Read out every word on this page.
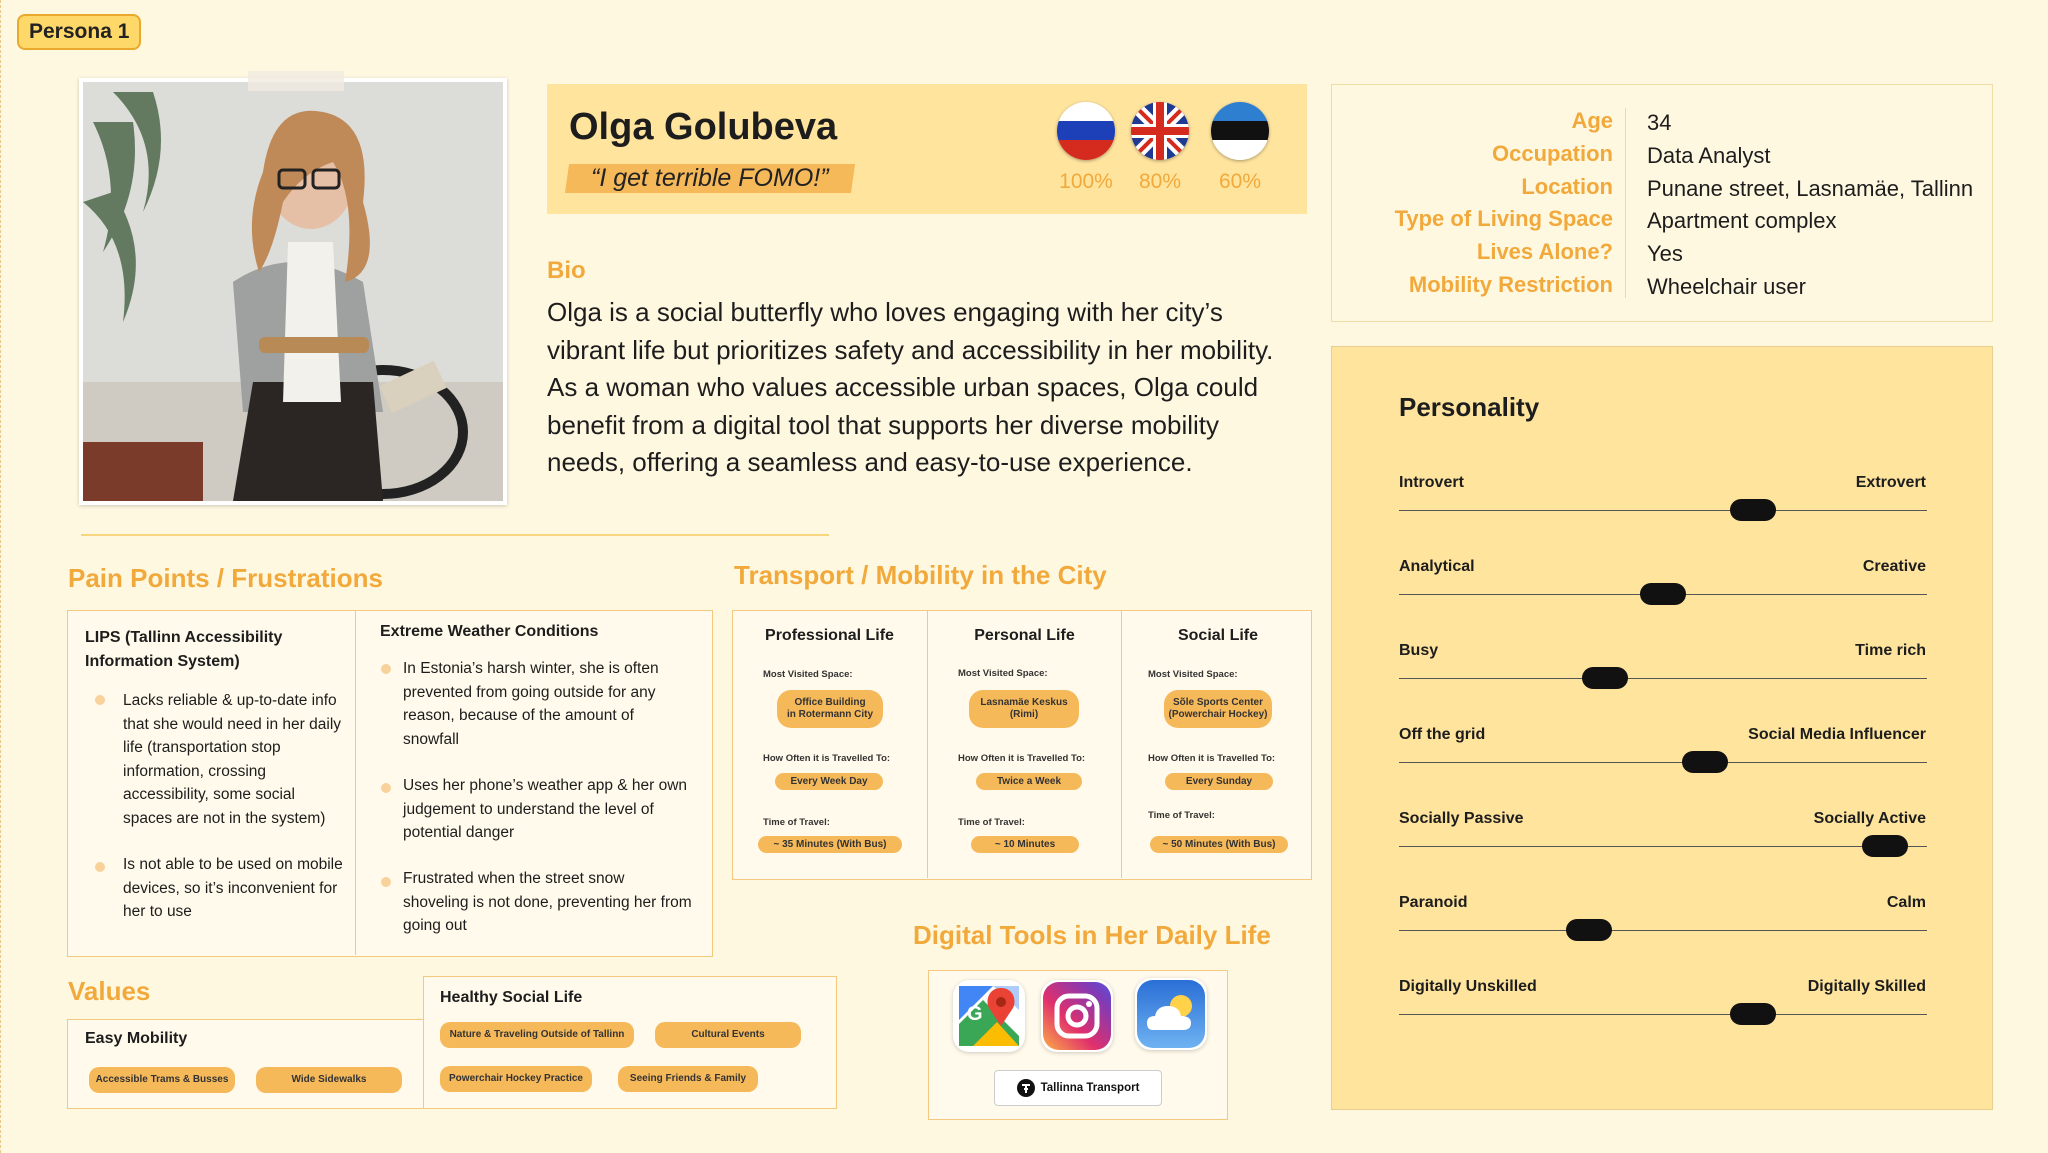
Persona 1
Olga Golubeva
“I get terrible FOMO!”	100%	80%	60%
Bio
Olga is a social butterfly who loves engaging with her city’s vibrant life but prioritizes safety and accessibility in her mobility. As a woman who values accessible urban spaces, Olga could benefit from a digital tool that supports her diverse mobility needs, offering a seamless and easy-to-use experience.
Age 34
Occupation Data Analyst
Location Punane street, Lasnamäe, Tallinn
Type of Living Space Apartment complex
Lives Alone? Yes
Mobility Restriction Wheelchair user
Personality
Introvert	Extrovert
Analytical	Creative
Busy	Time rich
Off the grid	Social Media Influencer
Socially Passive	Socially Active
Paranoid	Calm
Digitally Unskilled	Digitally Skilled
Pain Points / Frustrations
LIPS (Tallinn Accessibility Information System)
Lacks reliable & up-to-date info that she would need in her daily life (transportation stop information, crossing accessibility, some social spaces are not in the system)
Is not able to be used on mobile devices, so it’s inconvenient for her to use
Extreme Weather Conditions
In Estonia’s harsh winter, she is often prevented from going outside for any reason, because of the amount of snowfall
Uses her phone’s weather app & her own judgement to understand the level of potential danger
Frustrated when the street snow shoveling is not done, preventing her from going out
Transport / Mobility in the City
Professional Life
Most Visited Space:
Office Building
in Rotermann City
How Often it is Travelled To:
Every Week Day
Time of Travel:
~ 35 Minutes (With Bus)
Personal Life
Most Visited Space:
Lasnamäe Keskus
(Rimi)
How Often it is Travelled To:
Twice a Week
Time of Travel:
~ 10 Minutes
Social Life
Most Visited Space:
Sõle Sports Center
(Powerchair Hockey)
How Often it is Travelled To:
Every Sunday
Time of Travel:
~ 50 Minutes (With Bus)
Values
Easy Mobility
Accessible Trams & Busses	Wide Sidewalks
Healthy Social Life
Nature & Traveling Outside of Tallinn	Cultural Events
Powerchair Hockey Practice	Seeing Friends & Family
Digital Tools in Her Daily Life
G
Tallinna Transport
